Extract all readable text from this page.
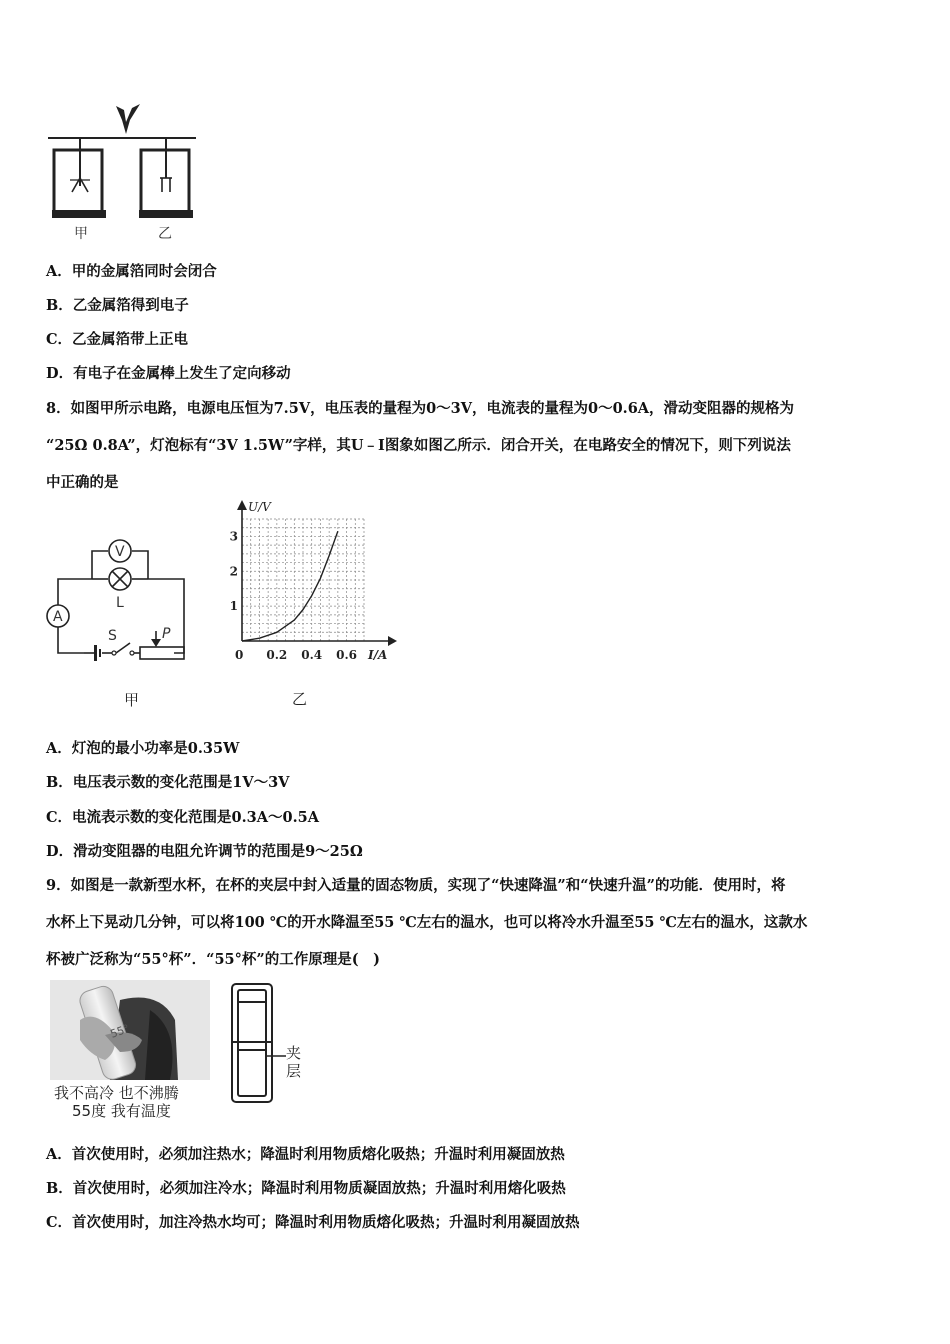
甲	乙
A．甲的金属箔同时会闭合
B．乙金属箔得到电子
C．乙金属箔带上正电
D．有电子在金属棒上发生了定向移动
8．如图甲所示电路，电源电压恒为7.5V，电压表的量程为0～3V，电流表的量程为0～0.6A，滑动变阻器的规格为
“25Ω 0.8A”，灯泡标有“3V 1.5W”字样，其U﹣I图象如图乙所示．闭合开关，在电路安全的情况下，则下列说法
中正确的是
V
L
A
S	P
甲
0.2 0.4 0.6
1
2
3
U/V
I/A
0
乙
A．灯泡的最小功率是0.35W
B．电压表示数的变化范围是1V～3V
C．电流表示数的变化范围是0.3A～0.5A
D．滑动变阻器的电阻允许调节的范围是9～25Ω
9．如图是一款新型水杯，在杯的夹层中封入适量的固态物质，实现了“快速降温”和“快速升温”的功能．使用时，将
水杯上下晃动几分钟，可以将100 ℃的开水降温至55 ℃左右的温水，也可以将冷水升温至55 ℃左右的温水，这款水
杯被广泛称为“55°杯”．“55°杯”的工作原理是(　)
55°
我不高冷 也不沸腾
55度 我有温度
夹
层
A．首次使用时，必须加注热水；降温时利用物质熔化吸热；升温时利用凝固放热
B．首次使用时，必须加注冷水；降温时利用物质凝固放热；升温时利用熔化吸热
C．首次使用时，加注冷热水均可；降温时利用物质熔化吸热；升温时利用凝固放热
